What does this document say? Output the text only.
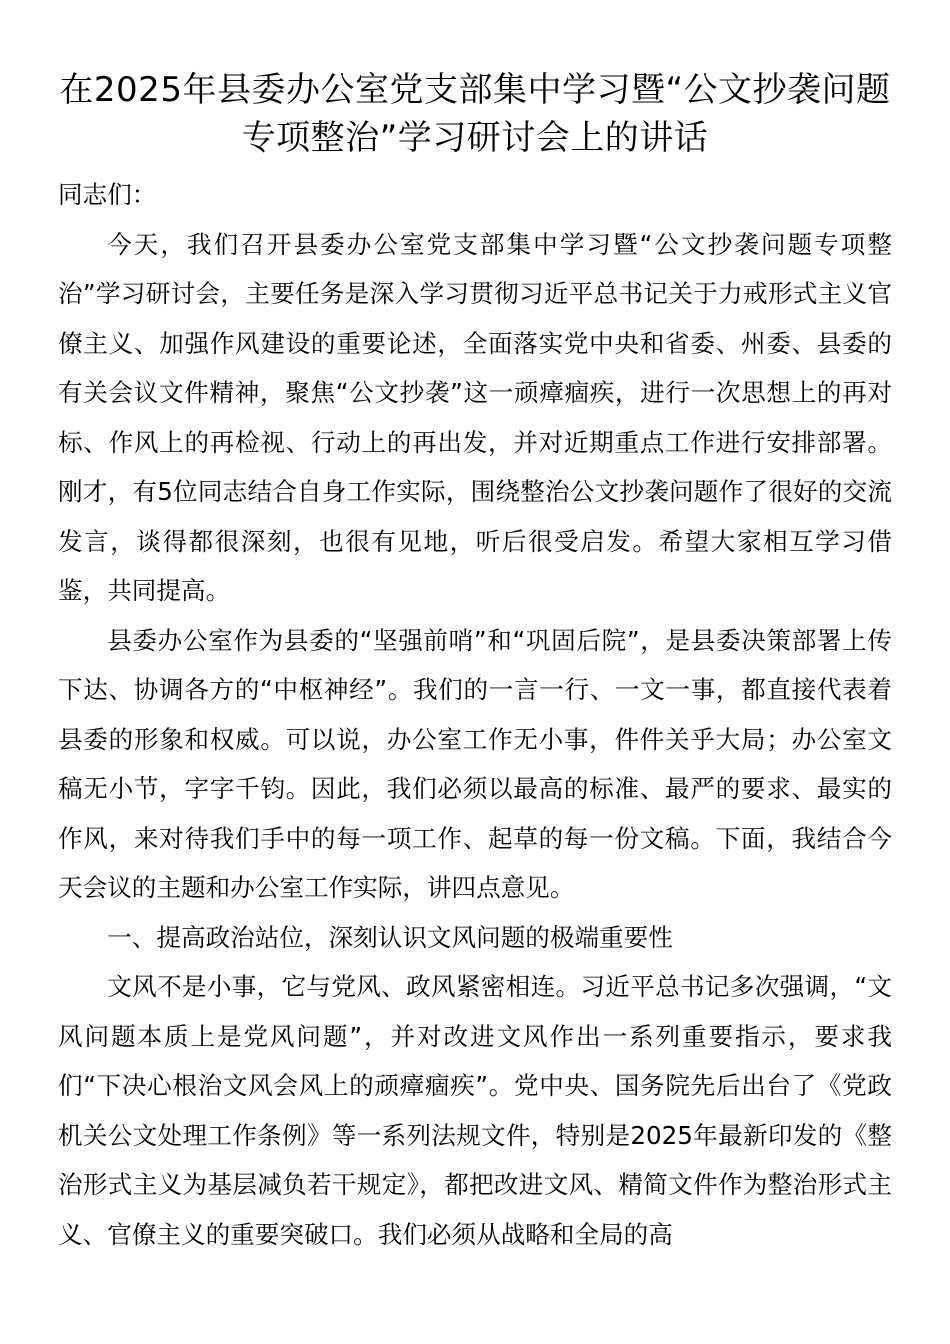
在2025年县委办公室党支部集中学习暨“公文抄袭问题专项整治”学习研讨会上的讲话

同志们：

今天，我们召开县委办公室党支部集中学习暨“公文抄袭问题专项整治”学习研讨会，主要任务是深入学习贯彻习近平总书记关于力戒形式主义官僚主义、加强作风建设的重要论述，全面落实党中央和省委、州委、县委的有关会议文件精神，聚焦“公文抄袭”这一顽瘴痼疾，进行一次思想上的再对标、作风上的再检视、行动上的再出发，并对近期重点工作进行安排部署。刚才，有5位同志结合自身工作实际，围绕整治公文抄袭问题作了很好的交流发言，谈得都很深刻，也很有见地，听后很受启发。希望大家相互学习借鉴，共同提高。

县委办公室作为县委的“坚强前哨”和“巩固后院”，是县委决策部署上传下达、协调各方的“中枢神经”。我们的一言一行、一文一事，都直接代表着县委的形象和权威。可以说，办公室工作无小事，件件关乎大局；办公室文稿无小节，字字千钧。因此，我们必须以最高的标准、最严的要求、最实的作风，来对待我们手中的每一项工作、起草的每一份文稿。下面，我结合今天会议的主题和办公室工作实际，讲四点意见。

一、提高政治站位，深刻认识文风问题的极端重要性

文风不是小事，它与党风、政风紧密相连。习近平总书记多次强调，“文风问题本质上是党风问题”，并对改进文风作出一系列重要指示，要求我们“下决心根治文风会风上的顽瘴痼疾”。党中央、国务院先后出台了《党政机关公文处理工作条例》等一系列法规文件，特别是2025年最新印发的《整治形式主义为基层减负若干规定》，都把改进文风、精简文件作为整治形式主义、官僚主义的重要突破口。我们必须从战略和全局的高
